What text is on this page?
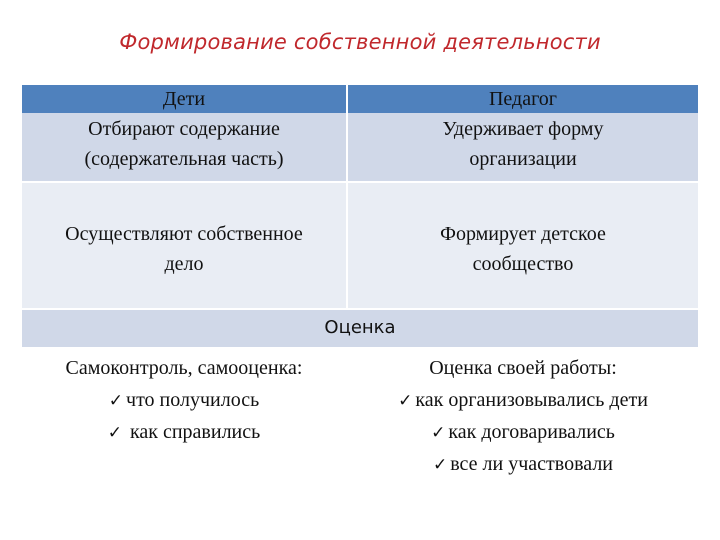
Формирование собственной деятельности
Дети
Отбирают содержание
(содержательная часть)
Педагог
Удерживает форму
организации
Осуществляют собственное
дело
Формирует детское
сообщество
Оценка
Самоконтроль, самооценка:
✓ что получилось
✓ как справились
Оценка своей работы:
✓ как организовывались дети
✓ как договаривались
✓ все ли участвовали
